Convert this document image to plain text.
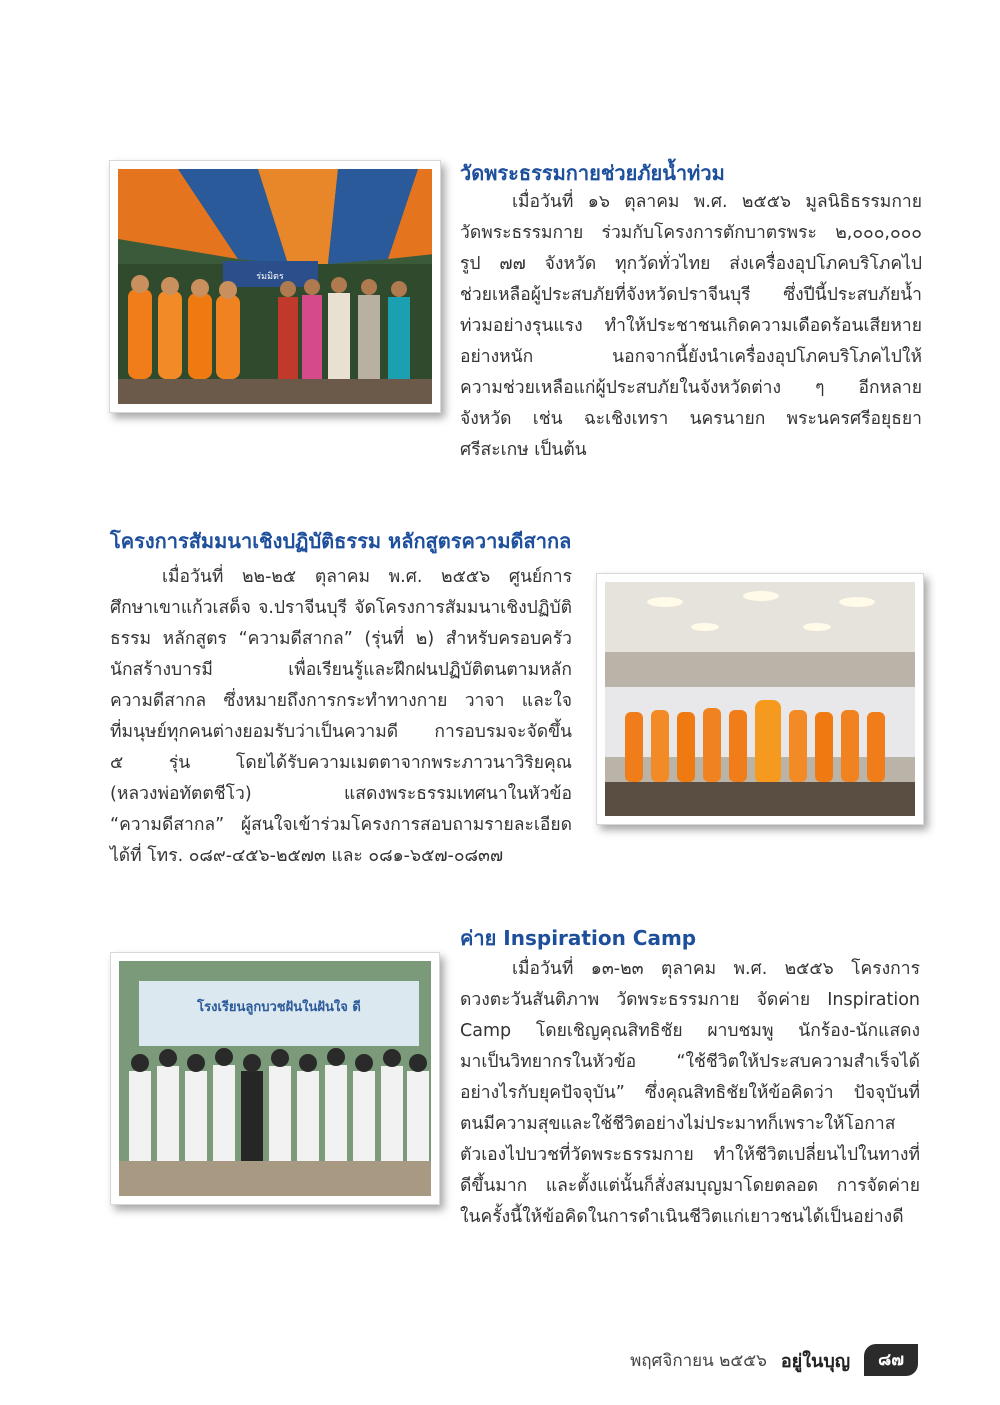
ร่มมิตร
วัดพระธรรมกายช่วยภัยน้ำท่วม
เมื่อวันที่ ๑๖ ตุลาคม พ.ศ. ๒๕๕๖ มูลนิธิธรรมกาย
วัดพระธรรมกาย ร่วมกับโครงการตักบาตรพระ ๒,๐๐๐,๐๐๐
รูป ๗๗ จังหวัด ทุกวัดทั่วไทย ส่งเครื่องอุปโภคบริโภคไป
ช่วยเหลือผู้ประสบภัยที่จังหวัดปราจีนบุรี ซึ่งปีนี้ประสบภัยน้ำ
ท่วมอย่างรุนแรง ทำให้ประชาชนเกิดความเดือดร้อนเสียหาย
อย่างหนัก นอกจากนี้ยังนำเครื่องอุปโภคบริโภคไปให้
ความช่วยเหลือแก่ผู้ประสบภัยในจังหวัดต่าง ๆ อีกหลาย
จังหวัด เช่น ฉะเชิงเทรา นครนายก พระนครศรีอยุธยา
ศรีสะเกษ เป็นต้น
โครงการสัมมนาเชิงปฏิบัติธรรม หลักสูตรความดีสากล
เมื่อวันที่ ๒๒-๒๕ ตุลาคม พ.ศ. ๒๕๕๖ ศูนย์การ
ศึกษาเขาแก้วเสด็จ จ.ปราจีนบุรี จัดโครงการสัมมนาเชิงปฏิบัติ
ธรรม หลักสูตร “ความดีสากล” (รุ่นที่ ๒) สำหรับครอบครัว
นักสร้างบารมี เพื่อเรียนรู้และฝึกฝนปฏิบัติตนตามหลัก
ความดีสากล ซึ่งหมายถึงการกระทำทางกาย วาจา และใจ
ที่มนุษย์ทุกคนต่างยอมรับว่าเป็นความดี การอบรมจะจัดขึ้น
๕ รุ่น โดยได้รับความเมตตาจากพระภาวนาวิริยคุณ
(หลวงพ่อทัตตชีโว) แสดงพระธรรมเทศนาในหัวข้อ
“ความดีสากล” ผู้สนใจเข้าร่วมโครงการสอบถามรายละเอียด
ได้ที่ โทร. ๐๘๙-๔๕๖-๒๕๗๓ และ ๐๘๑-๖๕๗-๐๘๓๗
โรงเรียนลูกบวชฝันในฝันใจ ดี
ค่าย Inspiration Camp
เมื่อวันที่ ๑๓-๒๓ ตุลาคม พ.ศ. ๒๕๕๖ โครงการ
ดวงตะวันสันติภาพ วัดพระธรรมกาย จัดค่าย Inspiration
Camp โดยเชิญคุณสิทธิชัย ผาบชมพู นักร้อง-นักแสดง
มาเป็นวิทยากรในหัวข้อ “ใช้ชีวิตให้ประสบความสำเร็จได้
อย่างไรกับยุคปัจจุบัน” ซึ่งคุณสิทธิชัยให้ข้อคิดว่า ปัจจุบันที่
ตนมีความสุขและใช้ชีวิตอย่างไม่ประมาทก็เพราะให้โอกาส
ตัวเองไปบวชที่วัดพระธรรมกาย ทำให้ชีวิตเปลี่ยนไปในทางที่
ดีขึ้นมาก และตั้งแต่นั้นก็สั่งสมบุญมาโดยตลอด การจัดค่าย
ในครั้งนี้ให้ข้อคิดในการดำเนินชีวิตแก่เยาวชนได้เป็นอย่างดี
พฤศจิกายน ๒๕๕๖ อยู่ในบุญ	๘๗
